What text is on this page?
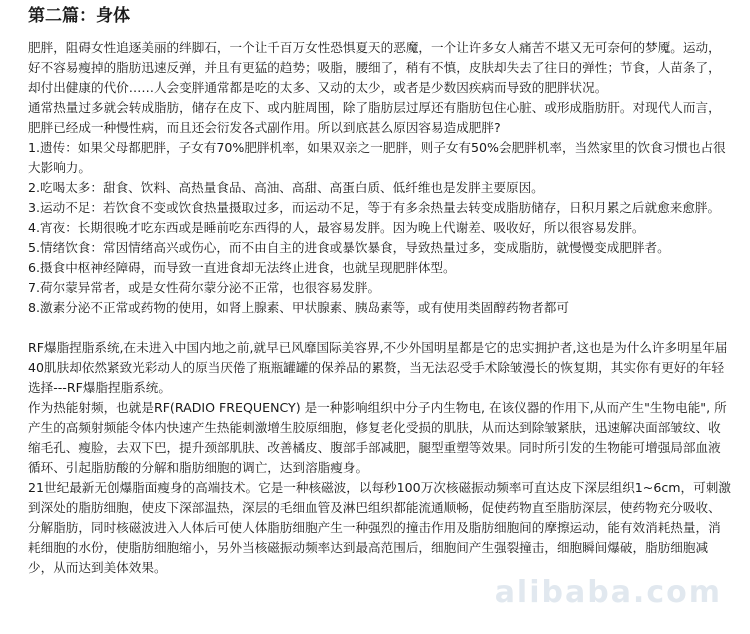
第二篇：身体

肥胖，阻碍女性追逐美丽的绊脚石，一个让千百万女性恐惧夏天的恶魔，一个让许多女人痛苦不堪又无可奈何的梦魇。运动，好不容易瘦掉的脂肪迅速反弹，并且有更猛的趋势；吸脂，腰细了，稍有不慎，皮肤却失去了往日的弹性；节食，人苗条了，却付出健康的代价……人会变胖通常都是吃的太多、又动的太少，或者是少数因疾病而导致的肥胖状况。

通常热量过多就会转成脂肪，储存在皮下、或内脏周围，除了脂肪层过厚还有脂肪包住心脏、或形成脂肪肝。对现代人而言，肥胖已经成一种慢性病，而且还会衍发各式副作用。所以到底甚么原因容易造成肥胖?

1.遗传：如果父母都肥胖，子女有70%肥胖机率，如果双亲之一肥胖，则子女有50%会肥胖机率，当然家里的饮食习惯也占很大影响力。

2.吃喝太多：甜食、饮料、高热量食品、高油、高甜、高蛋白质、低纤维也是发胖主要原因。

3.运动不足：若饮食不变或饮食热量摄取过多，而运动不足，等于有多余热量去转变成脂肪储存，日积月累之后就愈来愈胖。

4.宵夜：长期很晚才吃东西或是睡前吃东西得的人，最容易发胖。因为晚上代谢差、吸收好，所以很容易发胖。

5.情绪饮食：常因情绪高兴或伤心，而不由自主的进食或暴饮暴食，导致热量过多，变成脂肪，就慢慢变成肥胖者。

6.摄食中枢神经障碍，而导致一直进食却无法终止进食，也就呈现肥胖体型。

7.荷尔蒙异常者，或是女性荷尔蒙分泌不正常，也很容易发胖。

8.激素分泌不正常或药物的使用，如肾上腺素、甲状腺素、胰岛素等，或有使用类固醇药物者都可

RF爆脂捏脂系统,在未进入中国内地之前,就早已风靡国际美容界,不少外国明星都是它的忠实拥护者,这也是为什么许多明星年届40肌肤却依然紧致光彩动人的原当厌倦了瓶瓶罐罐的保养品的累赘，当无法忍受手术除皱漫长的恢复期，其实你有更好的年轻选择---RF爆脂捏脂系统。

作为热能射频，也就是RF(RADIO FREQUENCY) 是一种影响组织中分子内生物电, 在该仪器的作用下,从而产生"生物电能", 所产生的高频射频能令体内快速产生热能刺激增生胶原细胞，修复老化受损的肌肤，从而达到除皱紧肤，迅速解决面部皱纹、收缩毛孔、瘦脸，去双下巴，提升颈部肌肤、改善橘皮、腹部手部减肥，腿型重塑等效果。同时所引发的生物能可增强局部血液循环、引起脂肪酸的分解和脂肪细胞的调亡，达到溶脂瘦身。

21世纪最新无创爆脂面瘦身的高端技术。它是一种核磁波，以每秒100万次核磁振动频率可直达皮下深层组织1~6cm，可刺激到深处的脂肪细胞，使皮下深部温热，深层的毛细血管及淋巴组织都能流通顺畅，促使药物直至脂肪深层，使药物充分吸收、分解脂肪，同时核磁波进入人体后可使人体脂肪细胞产生一种强烈的撞击作用及脂肪细胞间的摩擦运动，能有效消耗热量，消耗细胞的水份，使脂肪细胞缩小，另外当核磁振动频率达到最高范围后，细胞间产生强裂撞击，细胞瞬间爆破，脂肪细胞减少，从而达到美体效果。

alibaba.com
